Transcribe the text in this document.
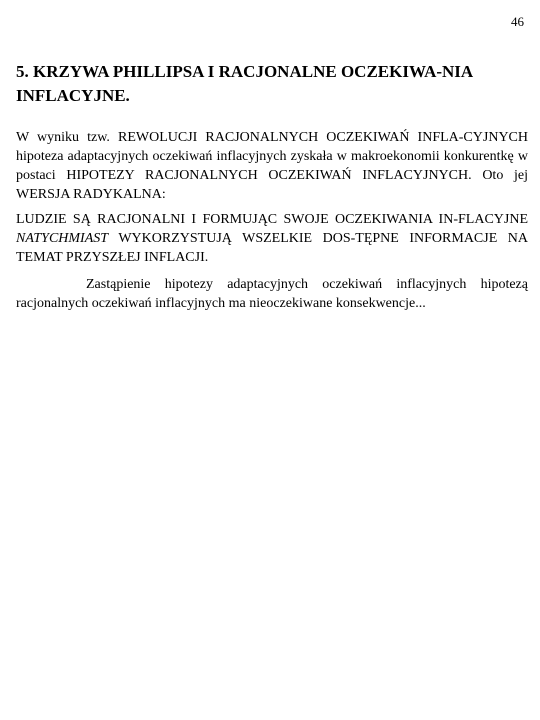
46
5. KRZYWA PHILLIPSA I RACJONALNE OCZEKIWA-NIA INFLACYJNE.

W wyniku tzw. REWOLUCJI RACJONALNYCH OCZEKIWAŃ INFLA-CYJNYCH hipoteza adaptacyjnych oczekiwań inflacyjnych zyskała w makroekonomii konkurentkę w postaci HIPOTEZY RACJONALNYCH OCZEKIWAŃ INFLACYJNYCH. Oto jej WERSJA RADYKALNA:

LUDZIE SĄ RACJONALNI I FORMUJĄC SWOJE OCZEKIWANIA IN-FLACYJNE NATYCHMIAST WYKORZYSTUJĄ WSZELKIE DOS-TĘPNE INFORMACJE NA TEMAT PRZYSZŁEJ INFLACJI.

Zastąpienie hipotezy adaptacyjnych oczekiwań inflacyjnych hipotezą racjonalnych oczekiwań inflacyjnych ma nieoczekiwane konsekwencje...
